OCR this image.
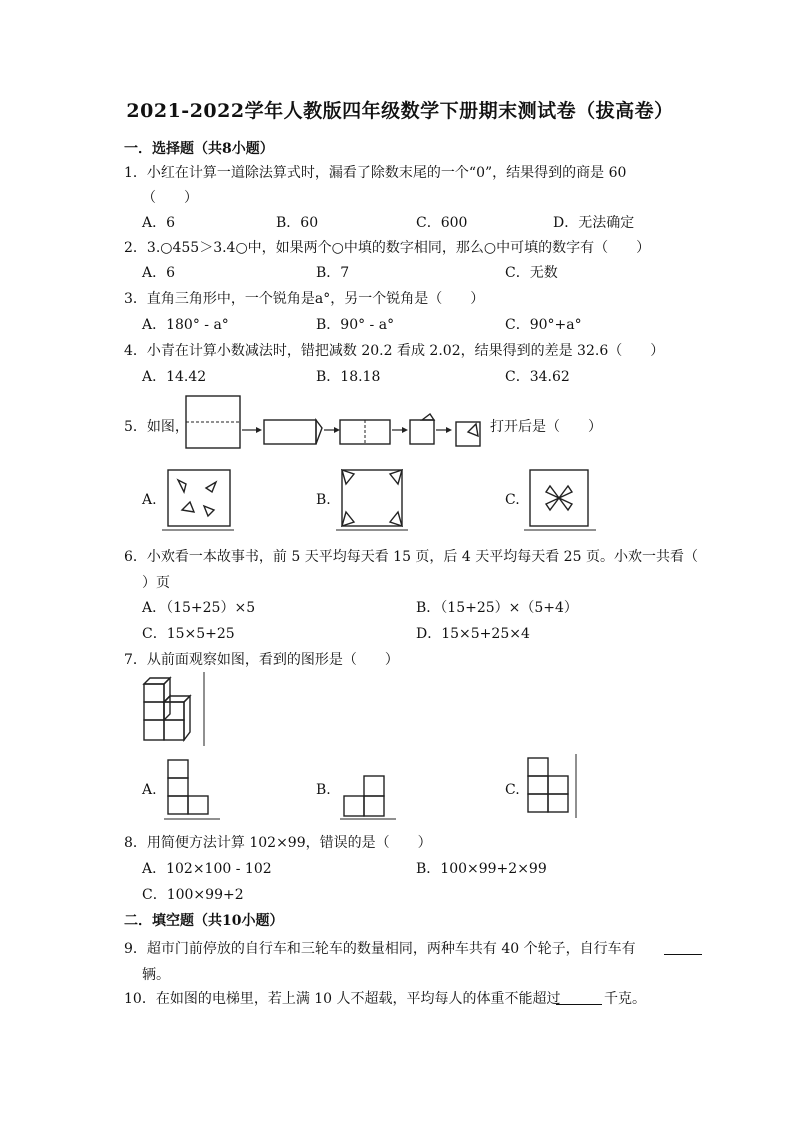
2021-2022学年人教版四年级数学下册期末测试卷（拔高卷）
一．选择题（共8小题）
1．小红在计算一道除法算式时，漏看了除数末尾的一个“0”，结果得到的商是 60
（　　）
A．6	B．60	C．600	D．无法确定
2．3.○455＞3.4○中，如果两个○中填的数字相同，那么○中可填的数字有（　　）
A．6	B．7	C．无数
3．直角三角形中，一个锐角是a°，另一个锐角是（　　）
A．180° - a°	B．90° - a°	C．90°+a°
4．小青在计算小数减法时，错把减数 20.2 看成 2.02，结果得到的差是 32.6（　　）
A．14.42	B．18.18	C．34.62
5．如图，	打开后是（　　）
A.	B.	C.
6．小欢看一本故事书，前 5 天平均每天看 15 页，后 4 天平均每天看 25 页。小欢一共看（
）页
A．（15+25）×5	B．（15+25）×（5+4）
C．15×5+25	D．15×5+25×4
7．从前面观察如图，看到的图形是（　　）
A.	B.	C.
8．用简便方法计算 102×99，错误的是（　　）
A．102×100 - 102	B．100×99+2×99
C．100×99+2
二．填空题（共10小题）
9．超市门前停放的自行车和三轮车的数量相同，两种车共有 40 个轮子，自行车有
辆。
10．在如图的电梯里，若上满 10 人不超载，平均每人的体重不能超过	千克。
